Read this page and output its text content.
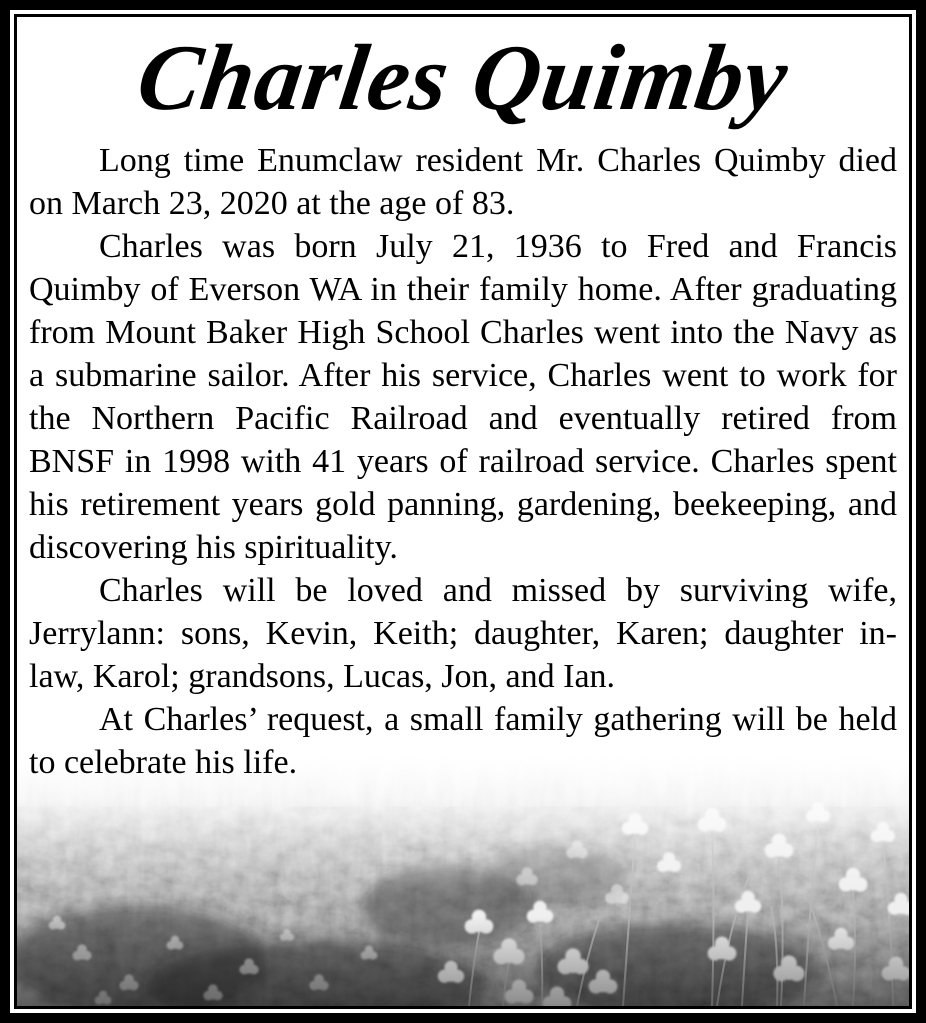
Charles Quimby

Long time Enumclaw resident Mr. Charles Quimby died on March 23, 2020 at the age of 83.

Charles was born July 21, 1936 to Fred and Francis Quimby of Everson WA in their family home. After graduating from Mount Baker High School Charles went into the Navy as a submarine sailor. After his service, Charles went to work for the Northern Pacific Railroad and eventually retired from BNSF in 1998 with 41 years of railroad service. Charles spent his retirement years gold panning, gardening, beekeeping, and discovering his spirituality.

Charles will be loved and missed by surviving wife, Jerrylann: sons, Kevin, Keith; daughter, Karen; daughter in-law, Karol; grandsons, Lucas, Jon, and Ian.

At Charles’ request, a small family gathering will be held to celebrate his life.
